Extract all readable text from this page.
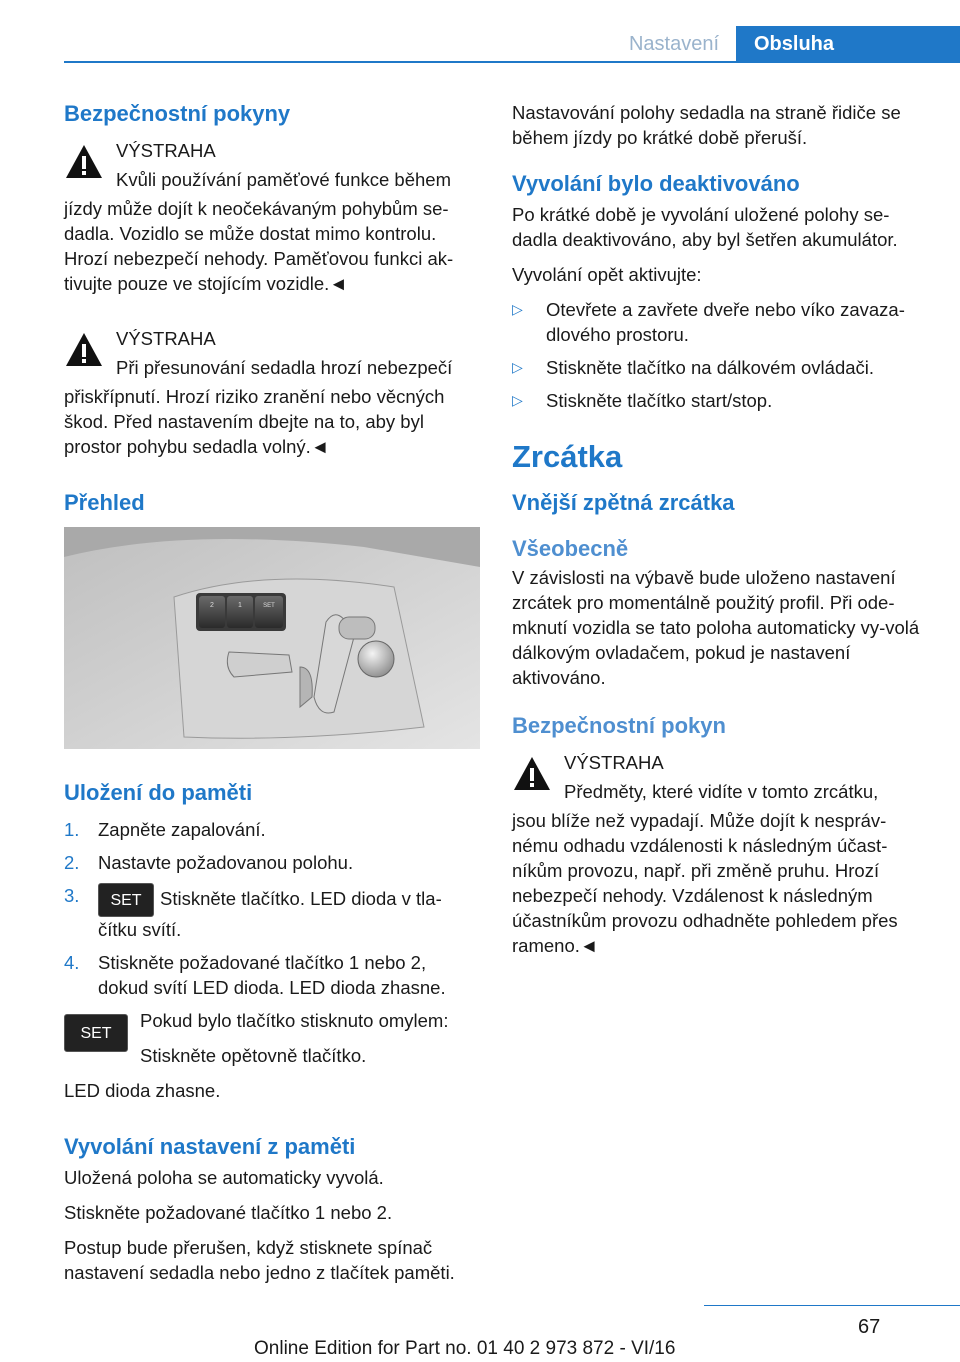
Nastavení	Obsluha
Bezpečnostní pokyny
VÝSTRAHA
Kvůli používání paměťové funkce během
jízdy může dojít k neočekávaným pohybům se-dadla. Vozidlo se může dostat mimo kontrolu. Hrozí nebezpečí nehody. Paměťovou funkci ak-tivujte pouze ve stojícím vozidle.◄
VÝSTRAHA
Při přesunování sedadla hrozí nebezpečí
přiskřípnutí. Hrozí riziko zranění nebo věcných škod. Před nastavením dbejte na to, aby byl prostor pohybu sedadla volný.◄
Přehled
2	1	SET
Uložení do paměti
1. Zapněte zapalování.
2. Nastavte požadovanou polohu.
3. SET Stiskněte tlačítko. LED dioda v tla-čítku svítí.
4. Stiskněte požadované tlačítko 1 nebo 2, dokud svítí LED dioda. LED dioda zhasne.
SET

Pokud bylo tlačítko stisknuto omylem:

Stiskněte opětovně tlačítko.

LED dioda zhasne.

Vyvolání nastavení z paměti

Uložená poloha se automaticky vyvolá.

Stiskněte požadované tlačítko 1 nebo 2.

Postup bude přerušen, když stisknete spínač nastavení sedadla nebo jedno z tlačítek paměti.

Nastavování polohy sedadla na straně řidiče se během jízdy po krátké době přeruší.

Vyvolání bylo deaktivováno

Po krátké době je vyvolání uložené polohy se-dadla deaktivováno, aby byl šetřen akumulátor.

Vyvolání opět aktivujte:

▷ Otevřete a zavřete dveře nebo víko zavaza-dlového prostoru.
▷ Stiskněte tlačítko na dálkovém ovládači.
▷ Stiskněte tlačítko start/stop.
Zrcátka
Vnější zpětná zrcátka
Všeobecně

V závislosti na výbavě bude uloženo nastavení zrcátek pro momentálně použitý profil. Při ode-mknutí vozidla se tato poloha automaticky vy-volá dálkovým ovladačem, pokud je nastavení aktivováno.

Bezpečnostní pokyn
VÝSTRAHA
Předměty, které vidíte v tomto zrcátku,
jsou blíže než vypadají. Může dojít k nespráv-nému odhadu vzdálenosti k následným účast-níkům provozu, např. při změně pruhu. Hrozí nebezpečí nehody. Vzdálenost k následným účastníkům provozu odhadněte pohledem přes rameno.◄
67
Online Edition for Part no. 01 40 2 973 872 - VI/16
